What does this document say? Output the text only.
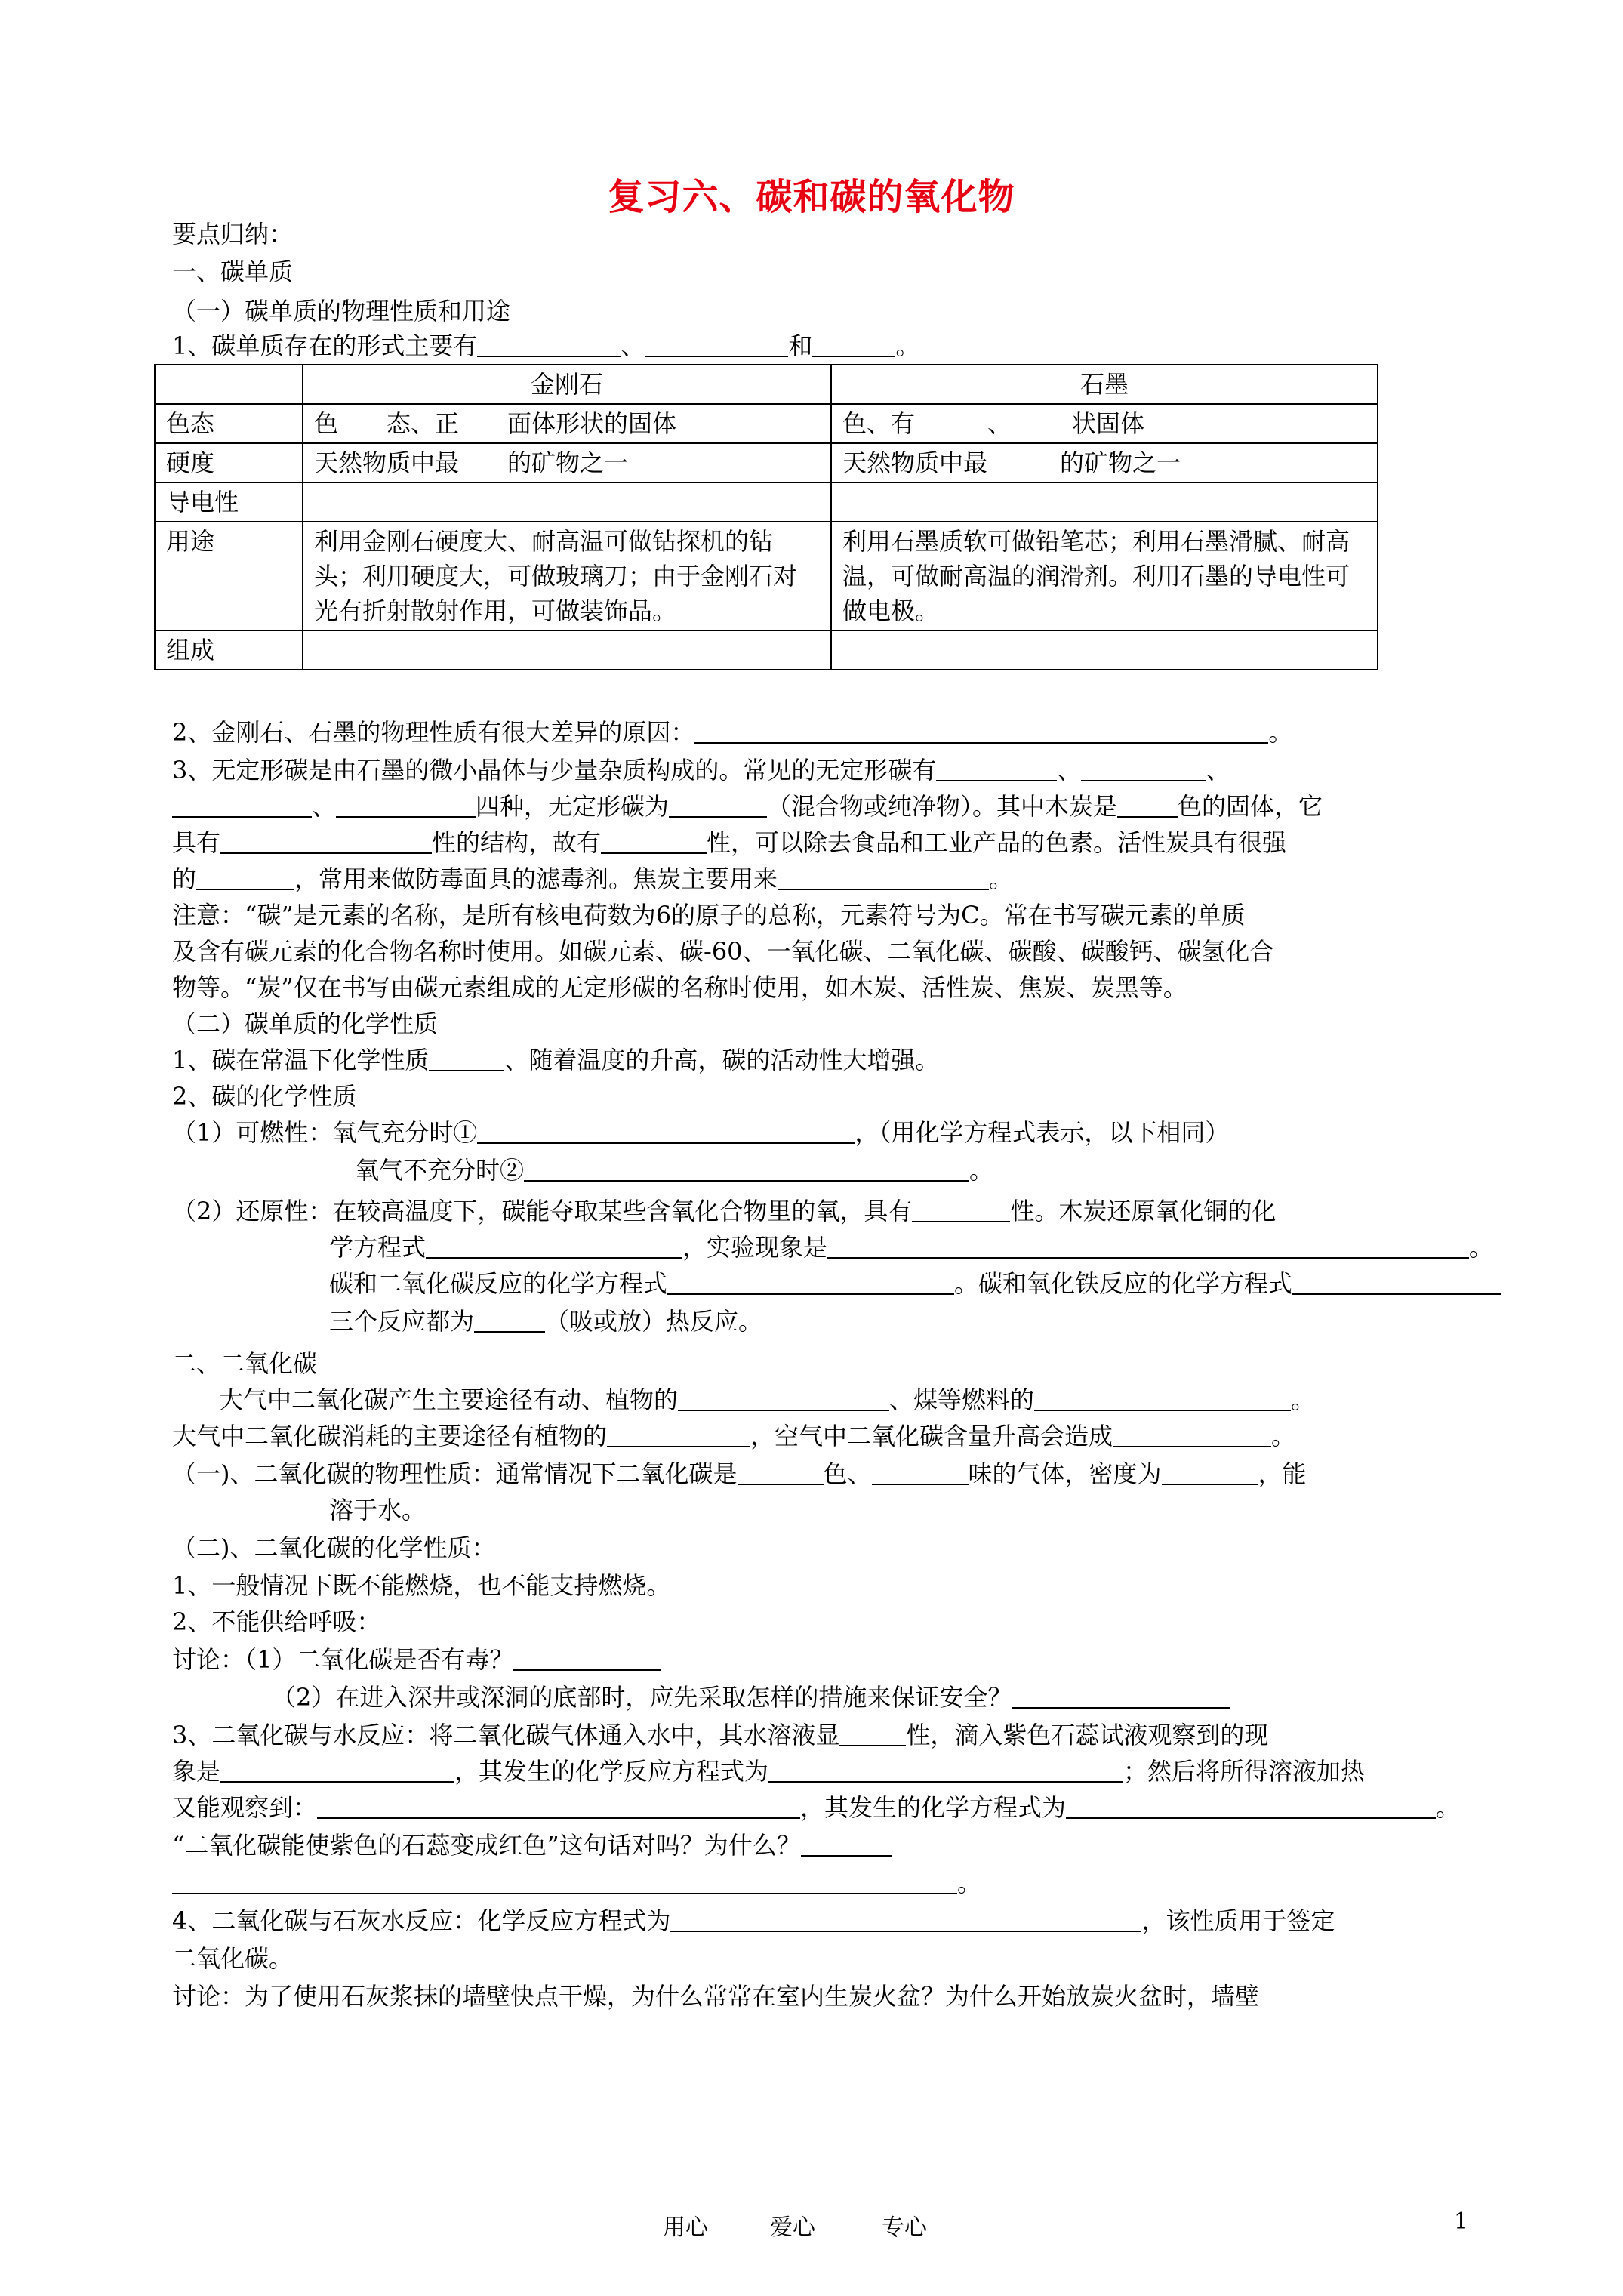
复习六、碳和碳的氧化物
要点归纳：
一、碳单质
（一）碳单质的物理性质和用途
1、碳单质存在的形式主要有	、	和	。
	金刚石	石墨
色态	色　　态、正　　面体形状的固体	色、有　　　、　　　状固体
硬度	天然物质中最　　的矿物之一	天然物质中最　　　的矿物之一
导电性		
用途	利用金刚石硬度大、耐高温可做钻探机的钻头；利用硬度大，可做玻璃刀；由于金刚石对光有折射散射作用，可做装饰品。	利用石墨质软可做铅笔芯；利用石墨滑腻、耐高温，可做耐高温的润滑剂。利用石墨的导电性可做电极。
组成		
2、金刚石、石墨的物理性质有很大差异的原因：	。
3、无定形碳是由石墨的微小晶体与少量杂质构成的。常见的无定形碳有	、	、
、	四种，无定形碳为	（混合物或纯净物）。其中木炭是	色的固体，它
具有	性的结构，故有	性，可以除去食品和工业产品的色素。活性炭具有很强
的	，常用来做防毒面具的滤毒剂。焦炭主要用来	。
注意：“碳”是元素的名称，是所有核电荷数为6的原子的总称，元素符号为C。常在书写碳元素的单质
及含有碳元素的化合物名称时使用。如碳元素、碳-60、一氧化碳、二氧化碳、碳酸、碳酸钙、碳氢化合
物等。“炭”仅在书写由碳元素组成的无定形碳的名称时使用，如木炭、活性炭、焦炭、炭黑等。
（二）碳单质的化学性质
1、碳在常温下化学性质	、随着温度的升高，碳的活动性大增强。
2、碳的化学性质
（1）可燃性：氧气充分时①	，（用化学方程式表示，以下相同）
氧气不充分时②	。
（2）还原性：在较高温度下，碳能夺取某些含氧化合物里的氧，具有	性。木炭还原氧化铜的化
学方程式	，实验现象是	。
碳和二氧化碳反应的化学方程式	。碳和氧化铁反应的化学方程式
三个反应都为	（吸或放）热反应。
二、二氧化碳
大气中二氧化碳产生主要途径有动、植物的	、煤等燃料的	。
大气中二氧化碳消耗的主要途径有植物的	，空气中二氧化碳含量升高会造成	。
（一)、二氧化碳的物理性质：通常情况下二氧化碳是	色、	味的气体，密度为	，能
溶于水。
（二)、二氧化碳的化学性质：
1、一般情况下既不能燃烧，也不能支持燃烧。
2、不能供给呼吸：
讨论：（1）二氧化碳是否有毒？
（2）在进入深井或深洞的底部时，应先采取怎样的措施来保证安全？
3、二氧化碳与水反应：将二氧化碳气体通入水中，其水溶液显	性，滴入紫色石蕊试液观察到的现
象是	，其发生的化学反应方程式为	；然后将所得溶液加热
又能观察到：	，其发生的化学方程式为	。
“二氧化碳能使紫色的石蕊变成红色”这句话对吗？为什么？
。
4、二氧化碳与石灰水反应：化学反应方程式为	，该性质用于签定
二氧化碳。
讨论：为了使用石灰浆抹的墙壁快点干燥，为什么常常在室内生炭火盆？为什么开始放炭火盆时，墙壁
用心	爱心	专心	1
